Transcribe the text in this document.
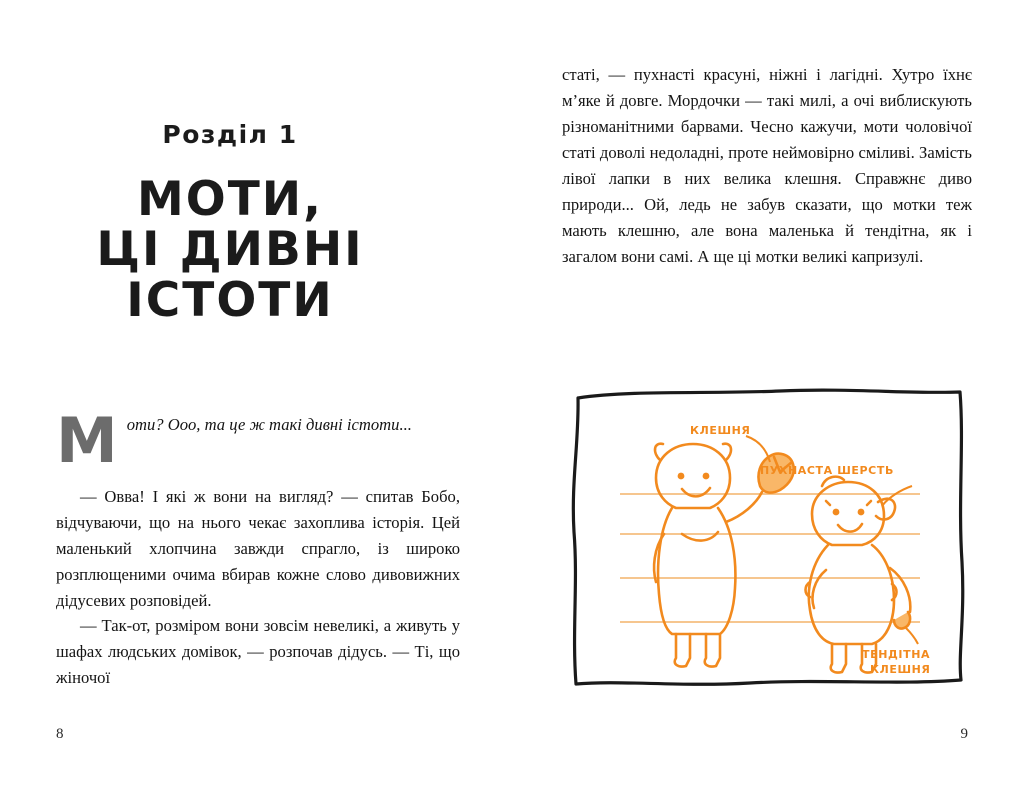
Розділ 1
МОТИ,
ЦІ ДИВНІ
ІСТОТИ

Моти? Ооо, та це ж такі дивні істоти...

— Овва! І які ж вони на вигляд? — спитав Бобо, відчуваючи, що на нього чекає захоплива історія. Цей маленький хлопчина завжди спрагло, із широко розплющеними очима вбирав кожне слово дивовижних дідусевих розповідей.

— Так-от, розміром вони зовсім невеликі, а живуть у шафах людських домівок, — розпочав дідусь. — Ті, що жіночої

8

статі, — пухнасті красуні, ніжні і лагідні. Хутро їхнє м’яке й довге. Мордочки — такі милі, а очі виблискують різноманітними барвами. Чесно кажучи, моти чоловічої статі доволі недоладні, проте неймовірно сміливі. Замість лівої лапки в них велика клешня. Справжнє диво природи... Ой, ледь не забув сказати, що мотки теж мають клешню, але вона маленька й тендітна, як і загалом вони самі. А ще ці мотки великі капризулі.

КЛЕШНЯ
ПУХНАСТА ШЕРСТЬ
ТЕНДІТНА
КЛЕШНЯ
9
